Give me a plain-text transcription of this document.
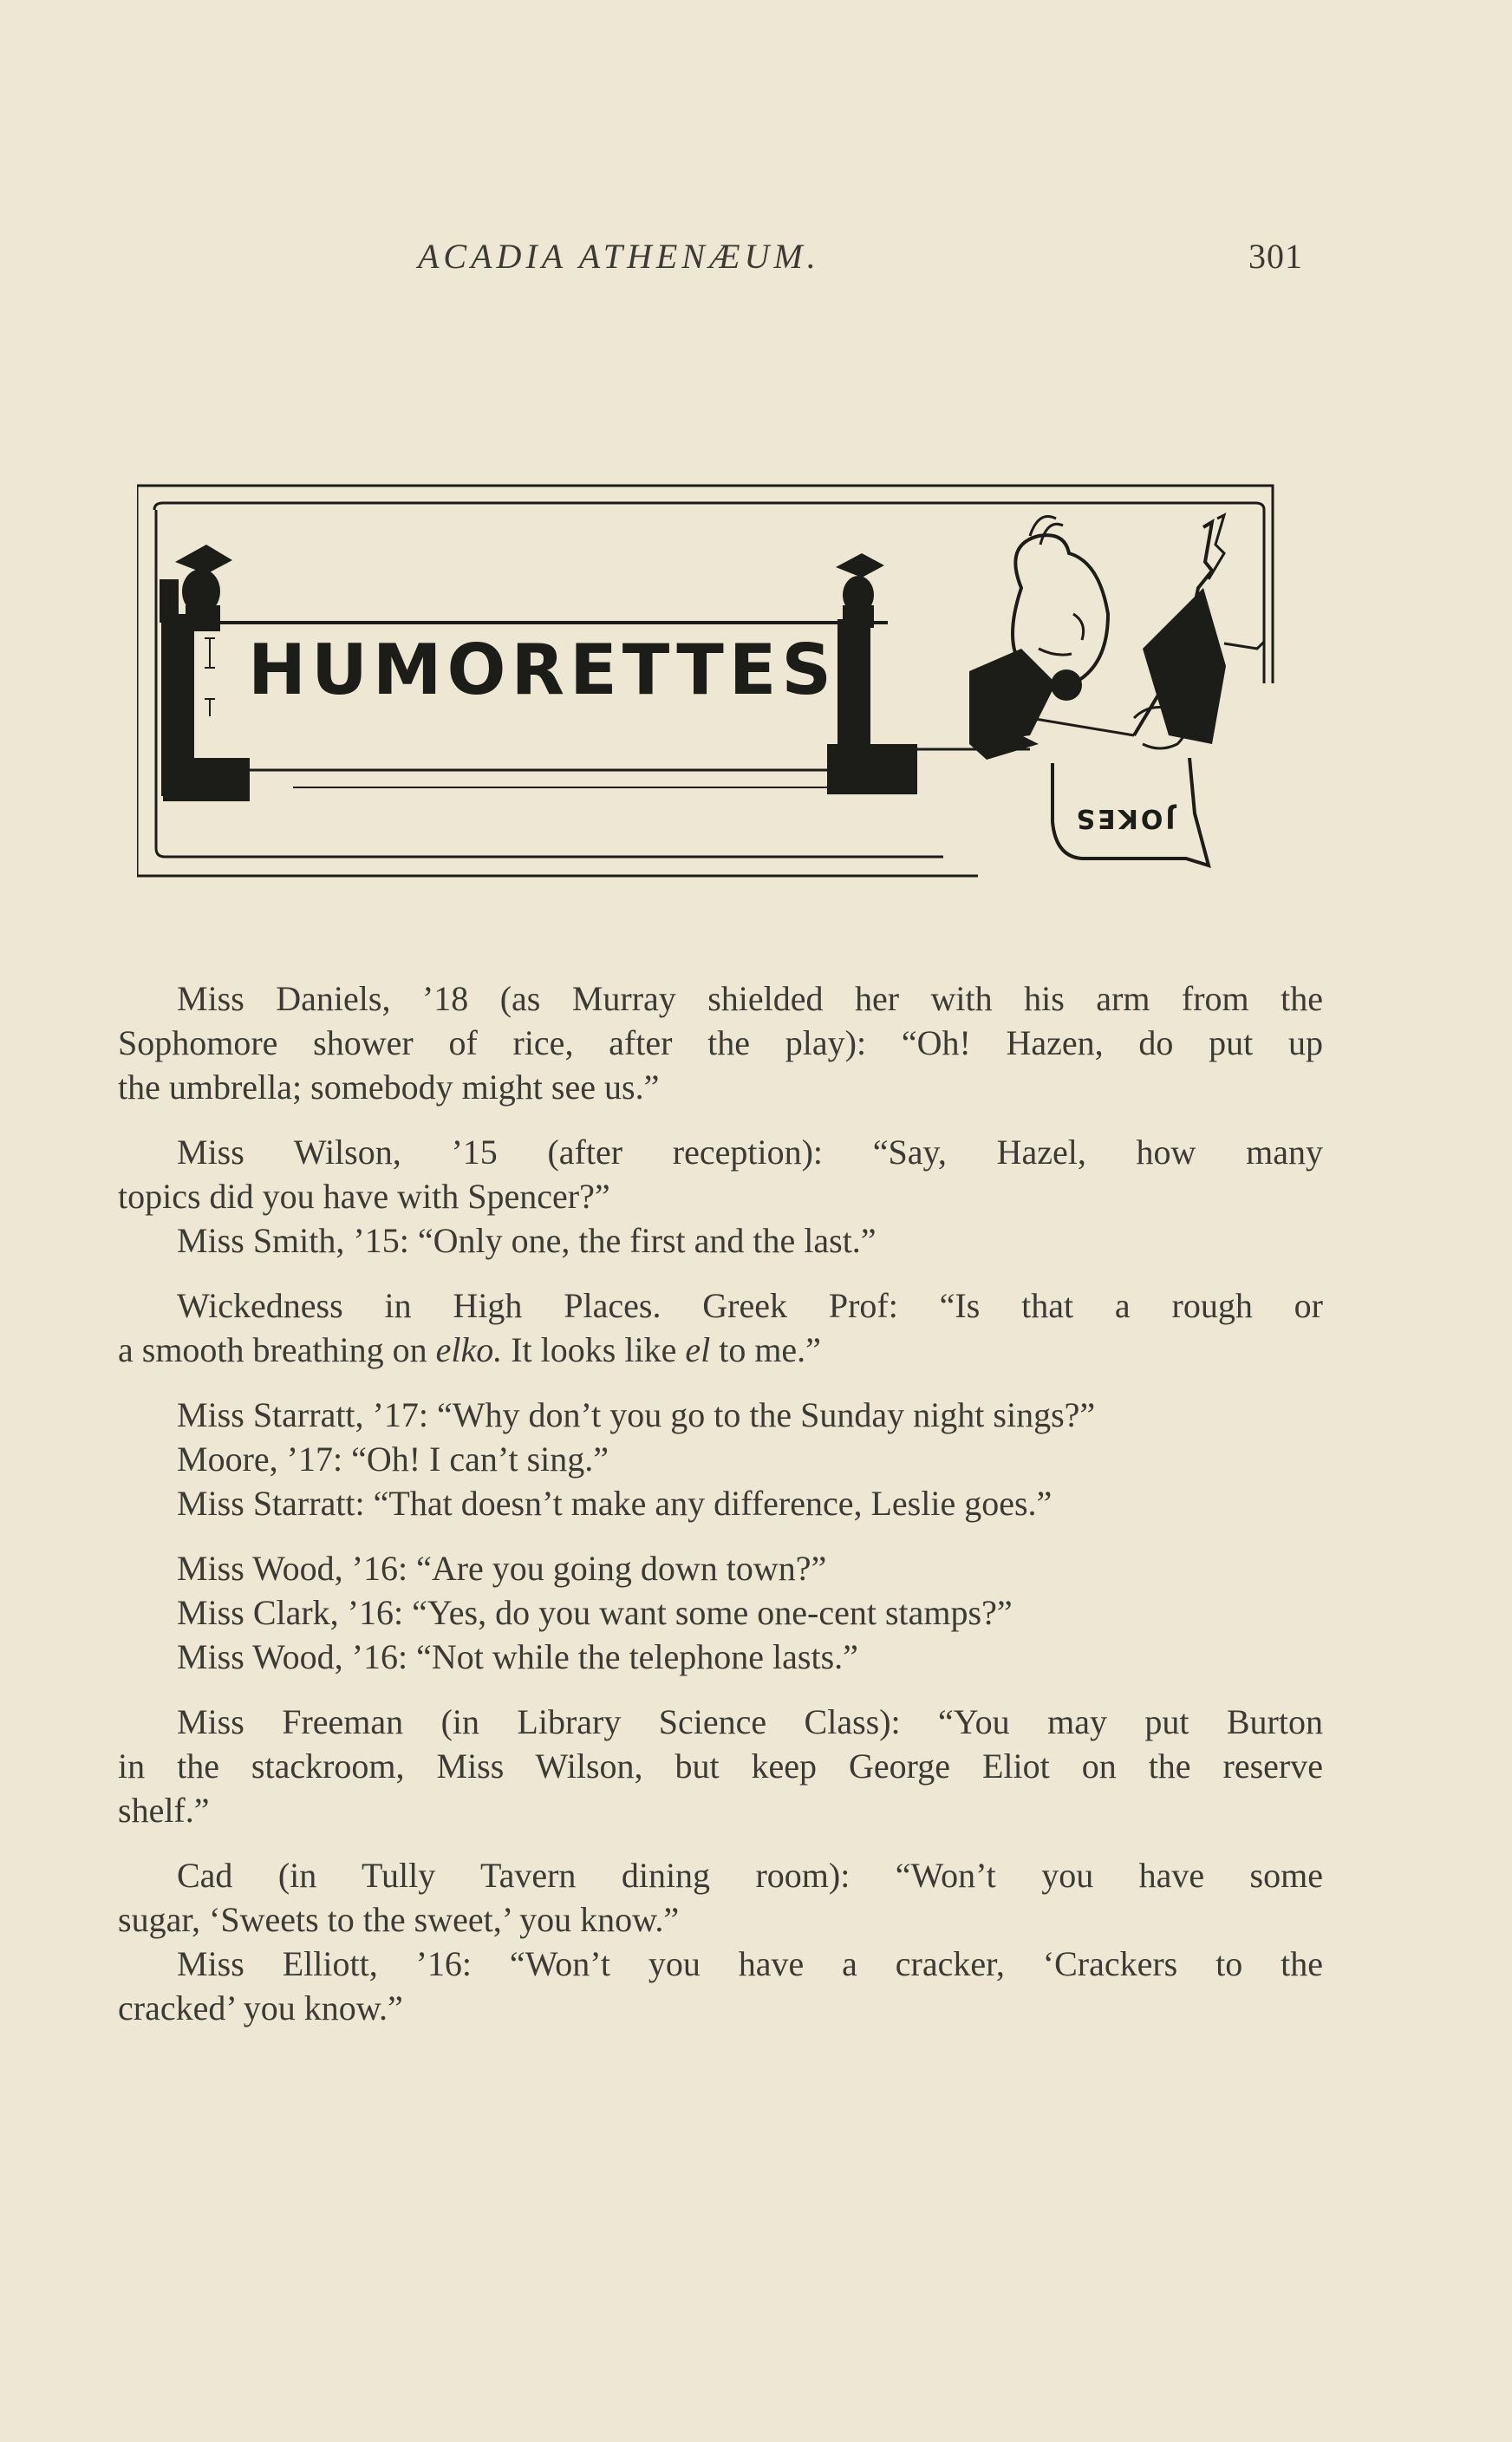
ACADIA ATHENÆUM.	301
HUMORETTES
JOKES
Miss Daniels, ’18 (as Murray shielded her with his arm from the
Sophomore shower of rice, after the play): “Oh! Hazen, do put up
the umbrella; somebody might see us.”
Miss Wilson, ’15 (after reception): “Say, Hazel, how many
topics did you have with Spencer?”
Miss Smith, ’15: “Only one, the first and the last.”
Wickedness in High Places. Greek Prof: “Is that a rough or
a smooth breathing on elko. It looks like el to me.”
Miss Starratt, ’17: “Why don’t you go to the Sunday night sings?”
Moore, ’17: “Oh! I can’t sing.”
Miss Starratt: “That doesn’t make any difference, Leslie goes.”
Miss Wood, ’16: “Are you going down town?”
Miss Clark, ’16: “Yes, do you want some one-cent stamps?”
Miss Wood, ’16: “Not while the telephone lasts.”
Miss Freeman (in Library Science Class): “You may put Burton
in the stackroom, Miss Wilson, but keep George Eliot on the reserve
shelf.”
Cad (in Tully Tavern dining room): “Won’t you have some
sugar, ‘Sweets to the sweet,’ you know.”
Miss Elliott, ’16: “Won’t you have a cracker, ‘Crackers to the
cracked’ you know.”
